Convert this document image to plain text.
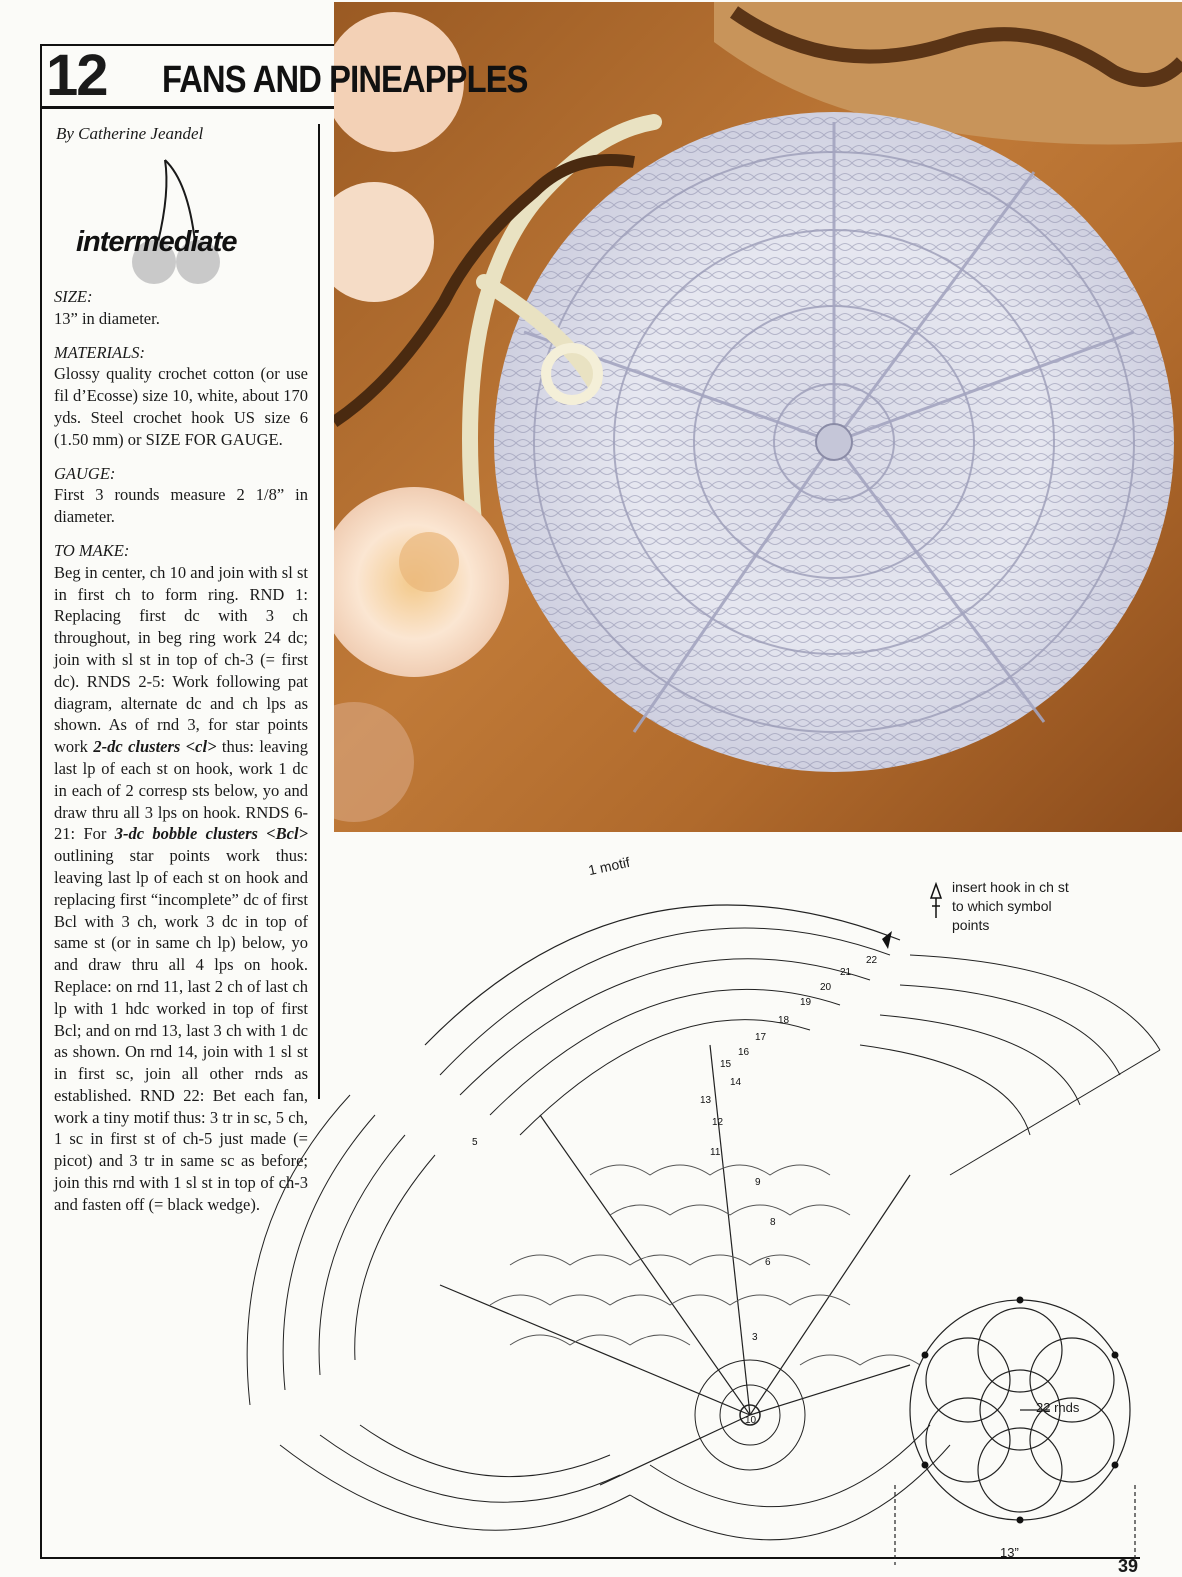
12 FANS AND PINEAPPLES
By Catherine Jeandel
intermediate
SIZE:
13” in diameter.
MATERIALS:
Glossy quality crochet cotton (or use fil d’Ecosse) size 10, white, about 170 yds. Steel crochet hook US size 6 (1.50 mm) or SIZE FOR GAUGE.
GAUGE:
First 3 rounds measure 2 1/8” in diameter.
TO MAKE:
Beg in center, ch 10 and join with sl st in first ch to form ring. RND 1: Replacing first dc with 3 ch throughout, in beg ring work 24 dc; join with sl st in top of ch-3 (= first dc). RNDS 2-5: Work following pat diagram, alternate dc and ch lps as shown. As of rnd 3, for star points work 2-dc clusters <cl> thus: leaving last lp of each st on hook, work 1 dc in each of 2 corresp sts below, yo and draw thru all 3 lps on hook. RNDS 6-21: For 3-dc bobble clusters <Bcl> outlining star points work thus: leaving last lp of each st on hook and replacing first “incomplete” dc of first Bcl with 3 ch, work 3 dc in top of same st (or in same ch lp) below, yo and draw thru all 4 lps on hook. Replace: on rnd 11, last 2 ch of last ch lp with 1 hdc worked in top of first Bcl; and on rnd 13, last 3 ch with 1 dc as shown. On rnd 14, join with 1 sl st in first sc, join all other rnds as established. RND 22: Bet each fan, work a tiny motif thus: 3 tr in sc, 5 ch, 1 sc in first st of ch-5 just made (= picot) and 3 tr in same sc as before; join this rnd with 1 sl st in top of ch-3 and fasten off (= black wedge).
3
5
6
8
9
10
11
12
13
14
15
16
17
18
19
20
21
22
1 motif
insert hook in ch st to which symbol points
22 rnds
13”
39
